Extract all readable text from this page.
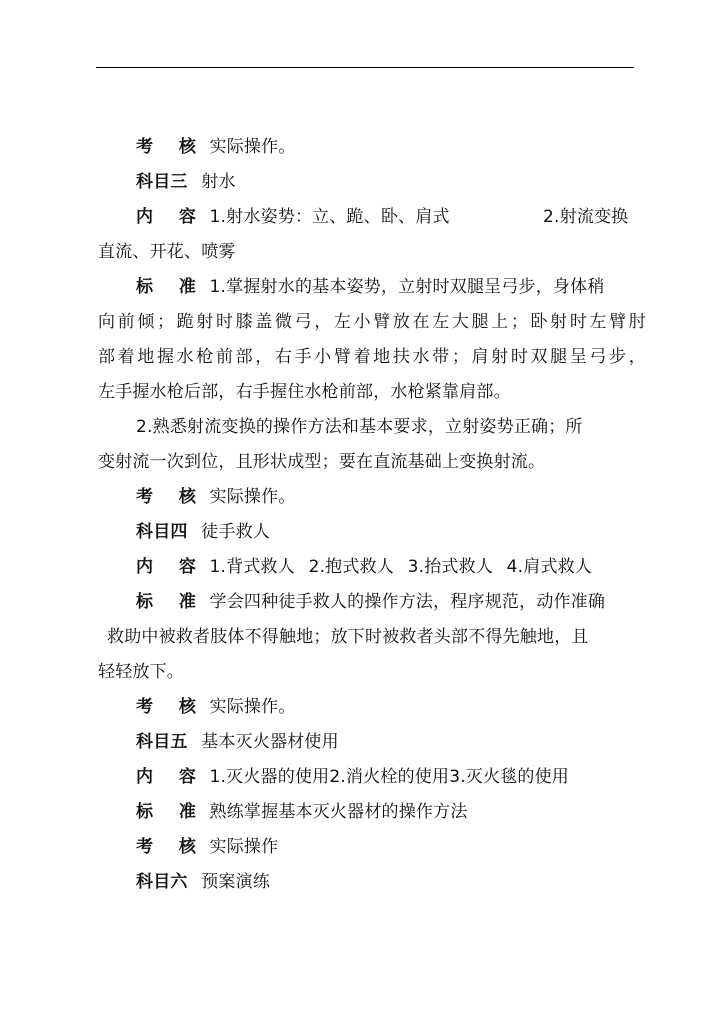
考 核 实际操作。
科目三 射水
内 容 1.射水姿势：立、跪、卧、肩式	2.射流变换
直流、开花、喷雾
标 准 1.掌握射水的基本姿势，立射时双腿呈弓步，身体稍
向前倾；跪射时膝盖微弓，左小臂放在左大腿上；卧射时左臂肘
部着地握水枪前部，右手小臂着地扶水带；肩射时双腿呈弓步，
左手握水枪后部，右手握住水枪前部，水枪紧靠肩部。
2.熟悉射流变换的操作方法和基本要求，立射姿势正确；所
变射流一次到位，且形状成型；要在直流基础上变换射流。
考 核 实际操作。
科目四 徒手救人
内 容 1.背式救人 2.抱式救人 3.抬式救人 4.肩式救人
标 准 学会四种徒手救人的操作方法，程序规范，动作准确
救助中被救者肢体不得触地；放下时被救者头部不得先触地，且
轻轻放下。
考 核 实际操作。
科目五 基本灭火器材使用
内 容 1.灭火器的使用2.消火栓的使用3.灭火毯的使用
标 准 熟练掌握基本灭火器材的操作方法
考 核 实际操作
科目六 预案演练
